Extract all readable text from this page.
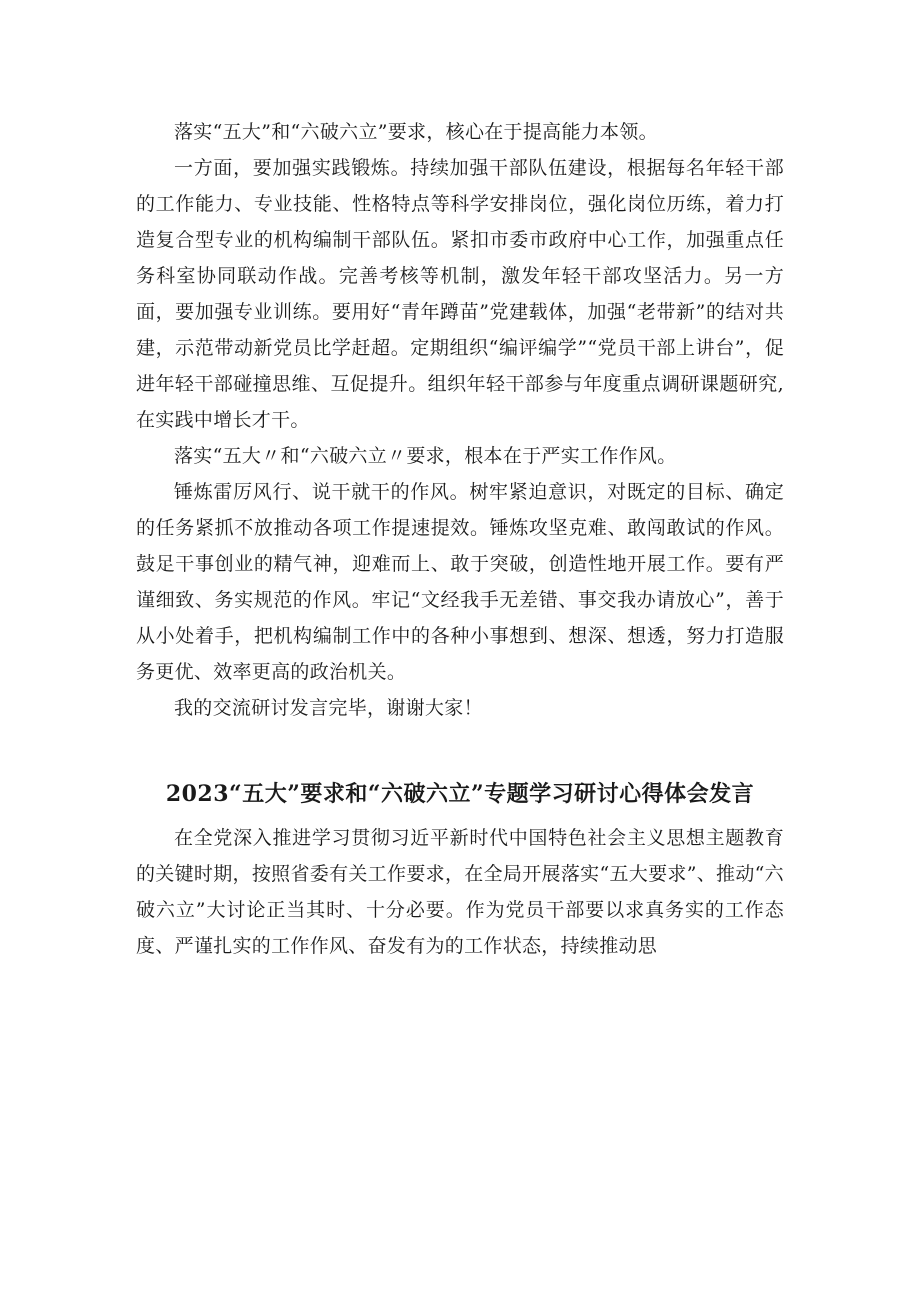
落实“五大”和“六破六立”要求，核心在于提高能力本领。

一方面，要加强实践锻炼。持续加强干部队伍建设，根据每名年轻干部的工作能力、专业技能、性格特点等科学安排岗位，强化岗位历练，着力打造复合型专业的机构编制干部队伍。紧扣市委市政府中心工作，加强重点任务科室协同联动作战。完善考核等机制，激发年轻干部攻坚活力。另一方面，要加强专业训练。要用好“青年蹲苗”党建载体，加强“老带新”的结对共建，示范带动新党员比学赶超。定期组织“编评编学”“党员干部上讲台”，促进年轻干部碰撞思维、互促提升。组织年轻干部参与年度重点调研课题研究,在实践中增长才干。

落实“五大〃和“六破六立〃要求，根本在于严实工作作风。

锤炼雷厉风行、说干就干的作风。树牢紧迫意识，对既定的目标、确定的任务紧抓不放推动各项工作提速提效。锤炼攻坚克难、敢闯敢试的作风。鼓足干事创业的精气神，迎难而上、敢于突破，创造性地开展工作。要有严谨细致、务实规范的作风。牢记“文经我手无差错、事交我办请放心”，善于从小处着手，把机构编制工作中的各种小事想到、想深、想透，努力打造服务更优、效率更高的政治机关。

我的交流研讨发言完毕，谢谢大家！

2023“五大”要求和“六破六立”专题学习研讨心得体会发言

在全党深入推进学习贯彻习近平新时代中国特色社会主义思想主题教育的关键时期，按照省委有关工作要求，在全局开展落实“五大要求”、推动“六破六立”大讨论正当其时、十分必要。作为党员干部要以求真务实的工作态度、严谨扎实的工作作风、奋发有为的工作状态，持续推动思
